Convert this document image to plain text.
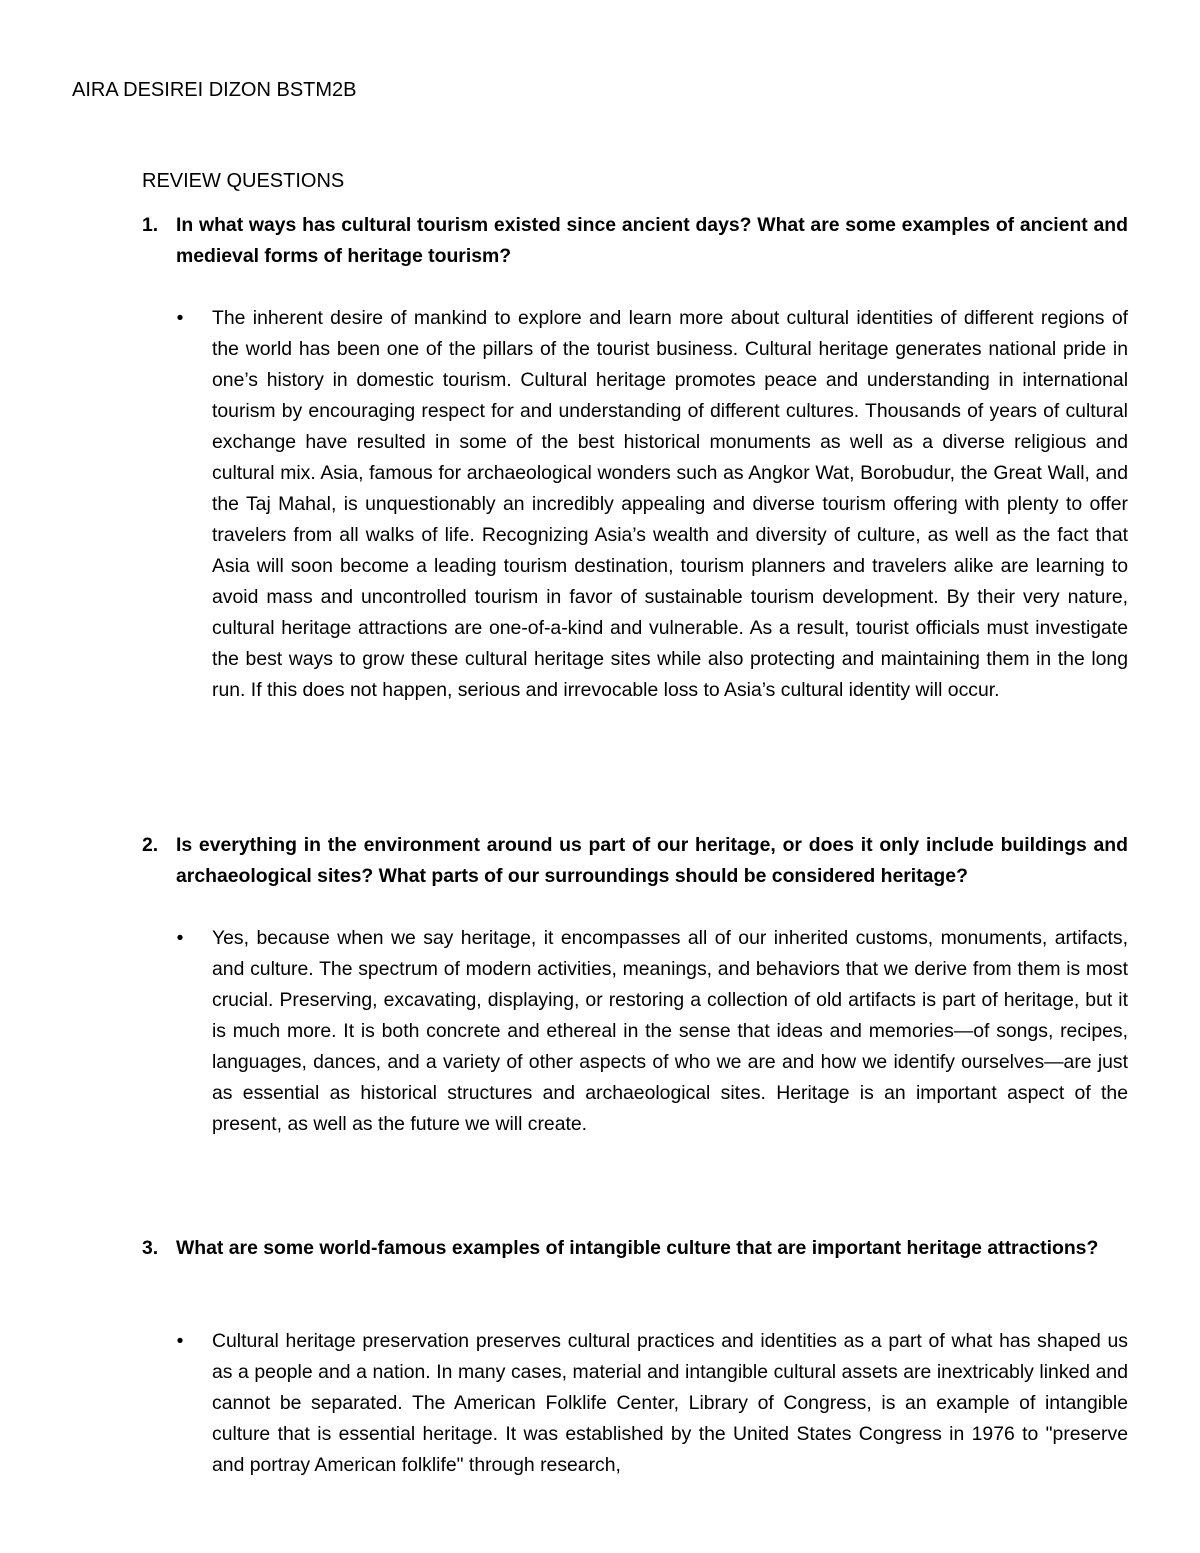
AIRA DESIREI DIZON BSTM2B
REVIEW QUESTIONS
1. In what ways has cultural tourism existed since ancient days? What are some examples of ancient and medieval forms of heritage tourism?
• The inherent desire of mankind to explore and learn more about cultural identities of different regions of the world has been one of the pillars of the tourist business. Cultural heritage generates national pride in one’s history in domestic tourism. Cultural heritage promotes peace and understanding in international tourism by encouraging respect for and understanding of different cultures. Thousands of years of cultural exchange have resulted in some of the best historical monuments as well as a diverse religious and cultural mix. Asia, famous for archaeological wonders such as Angkor Wat, Borobudur, the Great Wall, and the Taj Mahal, is unquestionably an incredibly appealing and diverse tourism offering with plenty to offer travelers from all walks of life. Recognizing Asia’s wealth and diversity of culture, as well as the fact that Asia will soon become a leading tourism destination, tourism planners and travelers alike are learning to avoid mass and uncontrolled tourism in favor of sustainable tourism development. By their very nature, cultural heritage attractions are one-of-a-kind and vulnerable. As a result, tourist officials must investigate the best ways to grow these cultural heritage sites while also protecting and maintaining them in the long run. If this does not happen, serious and irrevocable loss to Asia’s cultural identity will occur.
2. Is everything in the environment around us part of our heritage, or does it only include buildings and archaeological sites? What parts of our surroundings should be considered heritage?
• Yes, because when we say heritage, it encompasses all of our inherited customs, monuments, artifacts, and culture. The spectrum of modern activities, meanings, and behaviors that we derive from them is most crucial. Preserving, excavating, displaying, or restoring a collection of old artifacts is part of heritage, but it is much more. It is both concrete and ethereal in the sense that ideas and memories—of songs, recipes, languages, dances, and a variety of other aspects of who we are and how we identify ourselves—are just as essential as historical structures and archaeological sites. Heritage is an important aspect of the present, as well as the future we will create.
3. What are some world-famous examples of intangible culture that are important heritage attractions?
• Cultural heritage preservation preserves cultural practices and identities as a part of what has shaped us as a people and a nation. In many cases, material and intangible cultural assets are inextricably linked and cannot be separated. The American Folklife Center, Library of Congress, is an example of intangible culture that is essential heritage. It was established by the United States Congress in 1976 to "preserve and portray American folklife" through research,
